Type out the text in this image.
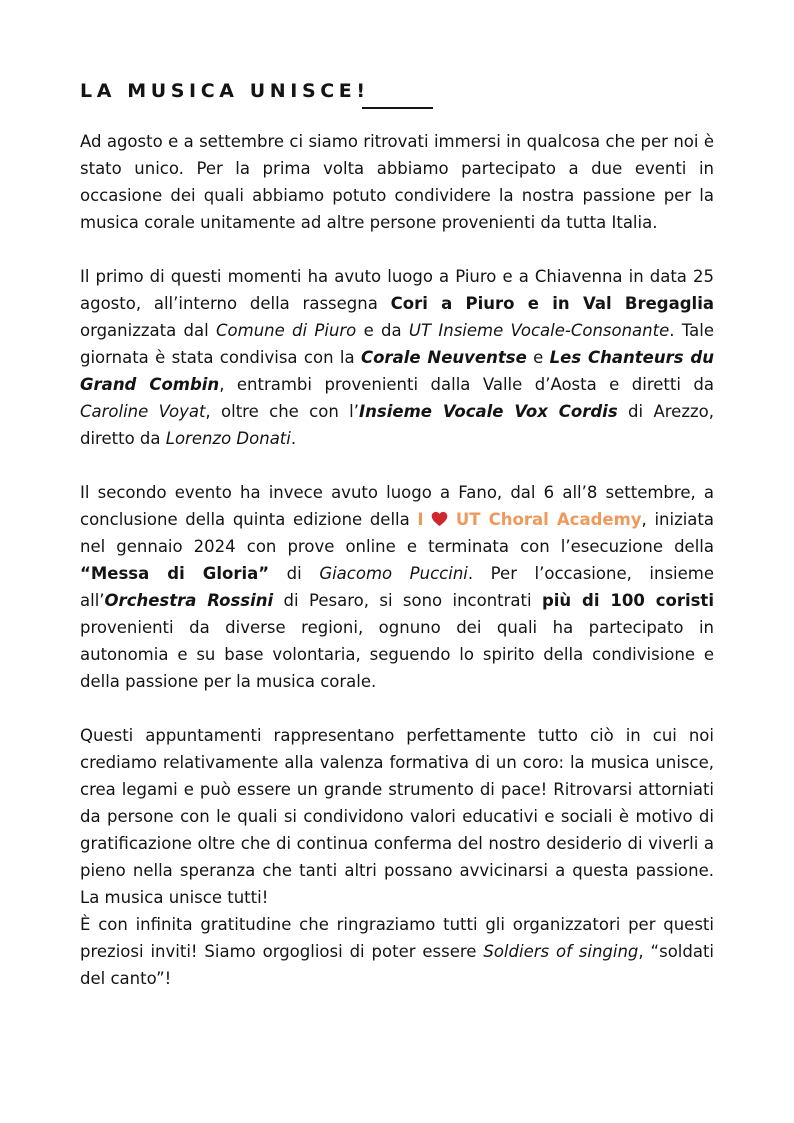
LA MUSICA UNISCE!

Ad agosto e a settembre ci siamo ritrovati immersi in qualcosa che per noi è stato unico. Per la prima volta abbiamo partecipato a due eventi in occasione dei quali abbiamo potuto condividere la nostra passione per la musica corale unitamente ad altre persone provenienti da tutta Italia.

Il primo di questi momenti ha avuto luogo a Piuro e a Chiavenna in data 25 agosto, all’interno della rassegna Cori a Piuro e in Val Bregaglia organizzata dal Comune di Piuro e da UT Insieme Vocale-Consonante. Tale giornata è stata condivisa con la Corale Neuventse e Les Chanteurs du Grand Combin, entrambi provenienti dalla Valle d’Aosta e diretti da Caroline Voyat, oltre che con l’Insieme Vocale Vox Cordis di Arezzo, diretto da Lorenzo Donati.

Il secondo evento ha invece avuto luogo a Fano, dal 6 all’8 settembre, a conclusione della quinta edizione della I UT Choral Academy, iniziata nel gennaio 2024 con prove online e terminata con l’esecuzione della “Messa di Gloria” di Giacomo Puccini. Per l’occasione, insieme all’Orchestra Rossini di Pesaro, si sono incontrati più di 100 coristi provenienti da diverse regioni, ognuno dei quali ha partecipato in autonomia e su base volontaria, seguendo lo spirito della condivisione e della passione per la musica corale.

Questi appuntamenti rappresentano perfettamente tutto ciò in cui noi crediamo relativamente alla valenza formativa di un coro: la musica unisce, crea legami e può essere un grande strumento di pace! Ritrovarsi attorniati da persone con le quali si condividono valori educativi e sociali è motivo di gratificazione oltre che di continua conferma del nostro desiderio di viverli a pieno nella speranza che tanti altri possano avvicinarsi a questa passione. La musica unisce tutti!

È con infinita gratitudine che ringraziamo tutti gli organizzatori per questi preziosi inviti! Siamo orgogliosi di poter essere Soldiers of singing, “soldati del canto”!
